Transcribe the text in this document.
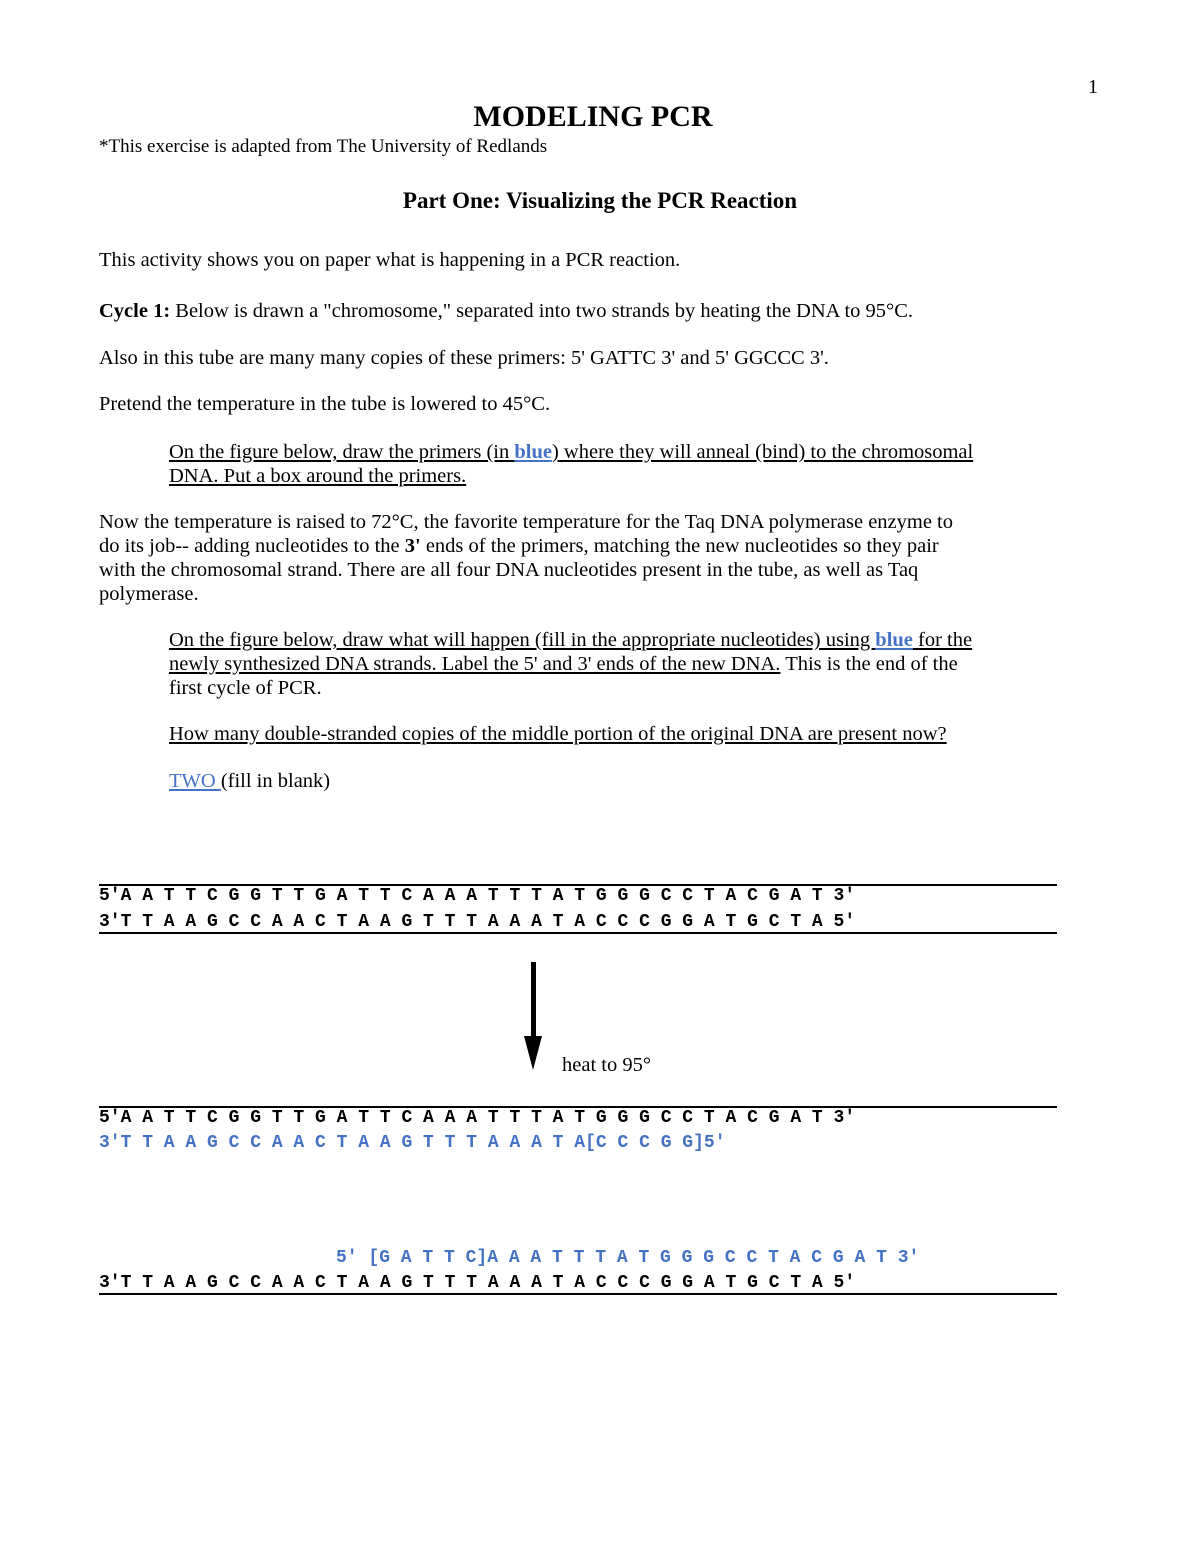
1
MODELING PCR
*This exercise is adapted from The University of Redlands
Part One: Visualizing the PCR Reaction
This activity shows you on paper what is happening in a PCR reaction.
Cycle 1: Below is drawn a "chromosome," separated into two strands by heating the DNA to 95°C.
Also in this tube are many many copies of these primers: 5' GATTC 3' and 5' GGCCC 3'.
Pretend the temperature in the tube is lowered to 45°C.
On the figure below, draw the primers (in blue) where they will anneal (bind) to the chromosomal
DNA. Put a box around the primers.
Now the temperature is raised to 72°C, the favorite temperature for the Taq DNA polymerase enzyme to
do its job-- adding nucleotides to the 3' ends of the primers, matching the new nucleotides so they pair
with the chromosomal strand. There are all four DNA nucleotides present in the tube, as well as Taq
polymerase.
On the figure below, draw what will happen (fill in the appropriate nucleotides) using blue for the
newly synthesized DNA strands. Label the 5' and 3' ends of the new DNA. This is the end of the
first cycle of PCR.
How many double-stranded copies of the middle portion of the original DNA are present now?
TWO (fill in blank)
5'A A T T C G G T T G A T T C A A A T T T A T G G G C C T A C G A T 3'
3'T T A A G C C A A C T A A G T T T A A A T A C C C G G A T G C T A 5'
heat to 95°
5'A A T T C G G T T G A T T C A A A T T T A T G G G C C T A C G A T 3'
3′T T A A G C C A A C T A A G T T T A A A T A[C C C G G]5′
5′ [G A T T C]A A A T T T A T G G G C C T A C G A T 3′
3'T T A A G C C A A C T A A G T T T A A A T A C C C G G A T G C T A 5'
